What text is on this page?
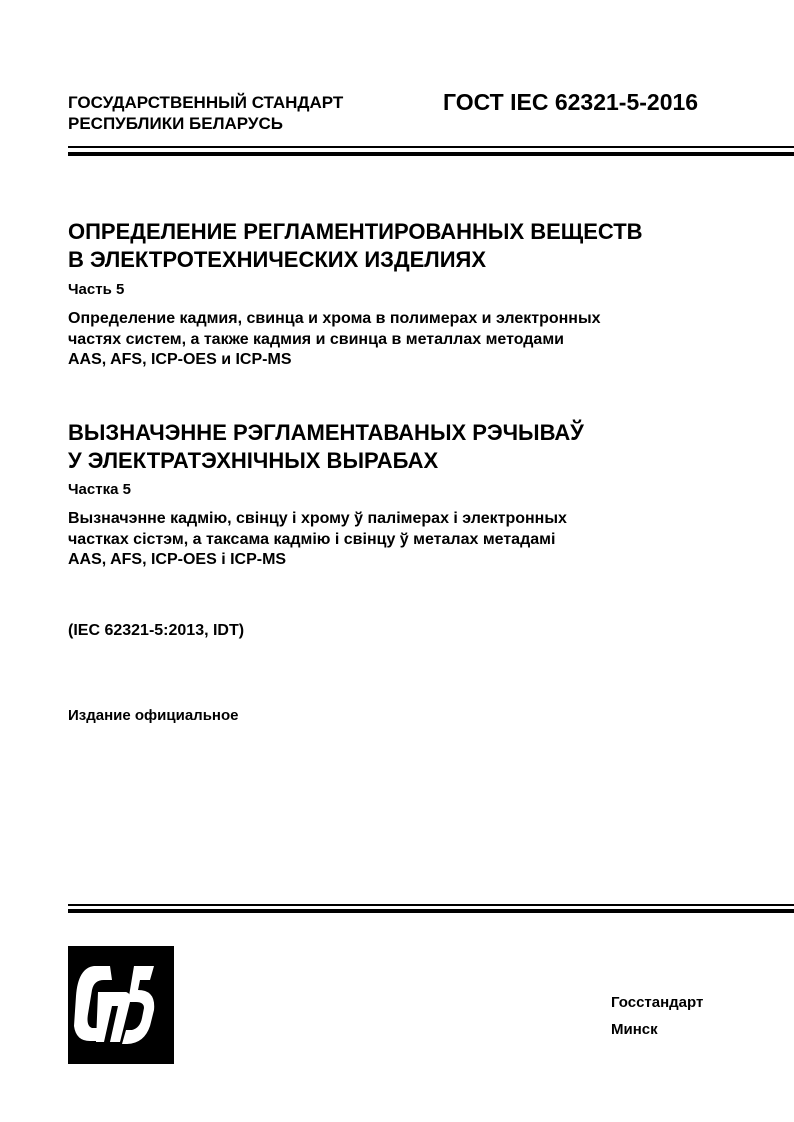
ГОСУДАРСТВЕННЫЙ СТАНДАРТ
РЕСПУБЛИКИ БЕЛАРУСЬ
ГОСТ IEC 62321-5-2016
ОПРЕДЕЛЕНИЕ РЕГЛАМЕНТИРОВАННЫХ ВЕЩЕСТВ
В ЭЛЕКТРОТЕХНИЧЕСКИХ ИЗДЕЛИЯХ
Часть 5
Определение кадмия, свинца и хрома в полимерах и электронных
частях систем, а также кадмия и свинца в металлах методами
AAS, AFS, ICP-OES и ICP-MS
ВЫЗНАЧЭННЕ РЭГЛАМЕНТАВАНЫХ РЭЧЫВАЎ
У ЭЛЕКТРАТЭХНІЧНЫХ ВЫРАБАХ
Частка 5
Вызначэнне кадмію, свінцу і хрому ў палімерах і электронных
частках сістэм, а таксама кадмію і свінцу ў металах метадамі
AAS, AFS, ICP-OES і ICP-MS
(IEC 62321-5:2013, IDT)
Издание официальное
Госстандарт
Минск
